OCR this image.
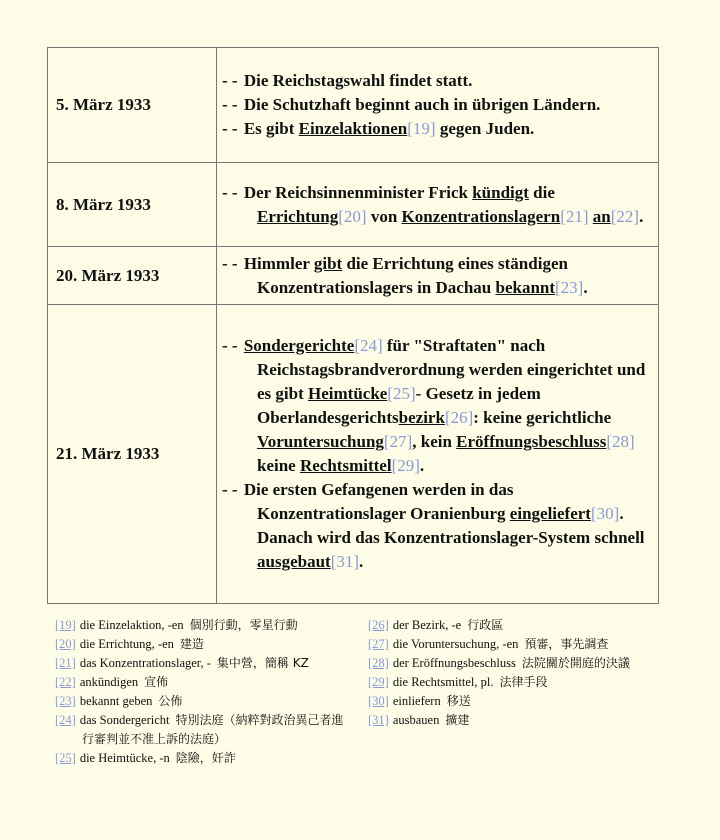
5. März 1933	- - Die Reichstagswahl findet statt.
- - Die Schutzhaft beginnt auch in übrigen Ländern.
- - Es gibt Einzelaktionen[19] gegen Juden.

8. März 1933	- - Der Reichsinnenminister Frick kündigt die Errichtung[20] von Konzentrationslagern[21] an[22].

20. März 1933	- - Himmler gibt die Errichtung eines ständigen Konzentrationslagers in Dachau bekannt[23].

21. März 1933	- - Sondergerichte[24] für "Straftaten" nach Reichstagsbrandverordnung werden eingerichtet und es gibt Heimtücke[25]- Gesetz in jedem Oberlandesgerichtsbezirk[26]: keine gerichtliche Voruntersuchung[27], kein Eröffnungsbeschluss[28] keine Rechtsmittel[29].
- - Die ersten Gefangenen werden in das Konzentrationslager Oranienburg eingeliefert[30]. Danach wird das Konzentrationslager-System schnell ausgebaut[31].
[19] die Einzelaktion, -en 個別行動，零星行動
[20] die Errichtung, -en 建造
[21] das Konzentrationslager, - 集中營，簡稱 KZ
[22] ankündigen 宣佈
[23] bekannt geben 公佈
[24] das Sondergericht 特別法庭（納粹對政治異己者進行審判並不准上訴的法庭）
[25] die Heimtücke, -n 陰險，奸詐
[26] der Bezirk, -e 行政區
[27] die Voruntersuchung, -en 預審，事先調查
[28] der Eröffnungsbeschluss 法院關於開庭的決議
[29] die Rechtsmittel, pl. 法律手段
[30] einliefern 移送
[31] ausbauen 擴建
